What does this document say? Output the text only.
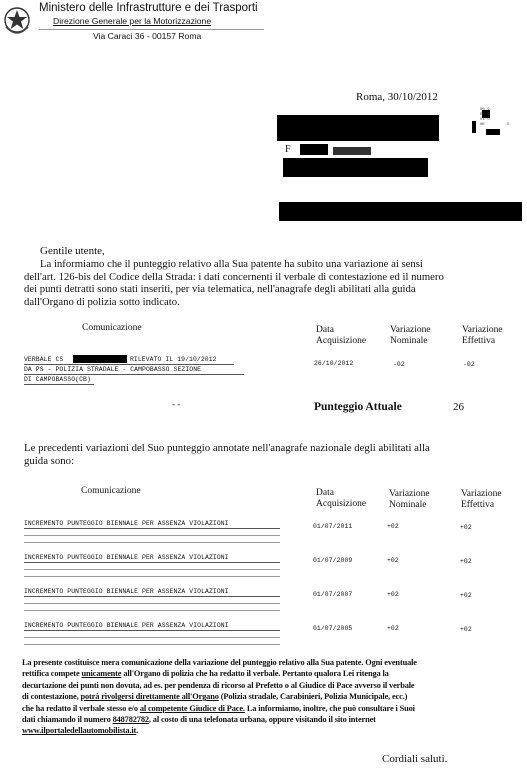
Ministero delle Infrastrutture e dei Trasporti
Direzione Generale per la Motorizzazione
Via Caraci 36 - 00157 Roma
Roma, 30/10/2012
00 9
RF 9
0I 0
0E         3
F
Gentile utente,
La informiamo che il punteggio relativo alla Sua patente ha subito una variazione ai sensi
dell'art. 126-bis del Codice della Strada: i dati concernenti il verbale di contestazione ed il numero
dei punti detratti sono stati inseriti, per via telematica, nell'anagrafe degli abilitati alla guida
dall'Organo di polizia sotto indicato.
Comunicazione	Data
Acquisizione
Variazione
Nominale
Variazione
Effettiva
VERBALE CS	RILEVATO IL 19/10/2012
DA PS - POLIZIA STRADALE - CAMPOBASSO SEZIONE
DI CAMPOBASSO(CB)
26/10/2012	-02	-02
- -	Punteggio Attuale	26
Le precedenti variazioni del Suo punteggio annotate nell'anagrafe nazionale degli abilitati alla
guida sono:
Comunicazione	Data
Acquisizione
Variazione
Nominale
Variazione
Effettiva
INCREMENTO PUNTEGGIO BIENNALE PER ASSENZA VIOLAZIONI	01/07/2011	+02	+02
INCREMENTO PUNTEGGIO BIENNALE PER ASSENZA VIOLAZIONI	01/07/2009	+02	+02
INCREMENTO PUNTEGGIO BIENNALE PER ASSENZA VIOLAZIONI	01/07/2007	+02	+02
INCREMENTO PUNTEGGIO BIENNALE PER ASSENZA VIOLAZIONI	01/07/2005	+02	+02
La presente costituisce mera comunicazione della variazione del punteggio relativo alla Sua patente. Ogni eventuale
rettifica compete unicamente all'Organo di polizia che ha redatto il verbale. Pertanto qualora Lei ritenga la
decurtazione dei punti non dovuta, ad es. per pendenza di ricorso al Prefetto o al Giudice di Pace avverso il verbale
di contestazione, potrà rivolgersi direttamente all'Organo (Polizia stradale, Carabinieri, Polizia Municipale, ecc.)
che ha redatto il verbale stesso e/o al competente Giudice di Pace. La informiamo, inoltre, che può consultare i Suoi
dati chiamando il numero 848782782, al costo di una telefonata urbana, oppure visitando il sito internet
www.ilportaledellautomobilista.it.
Cordiali saluti.
